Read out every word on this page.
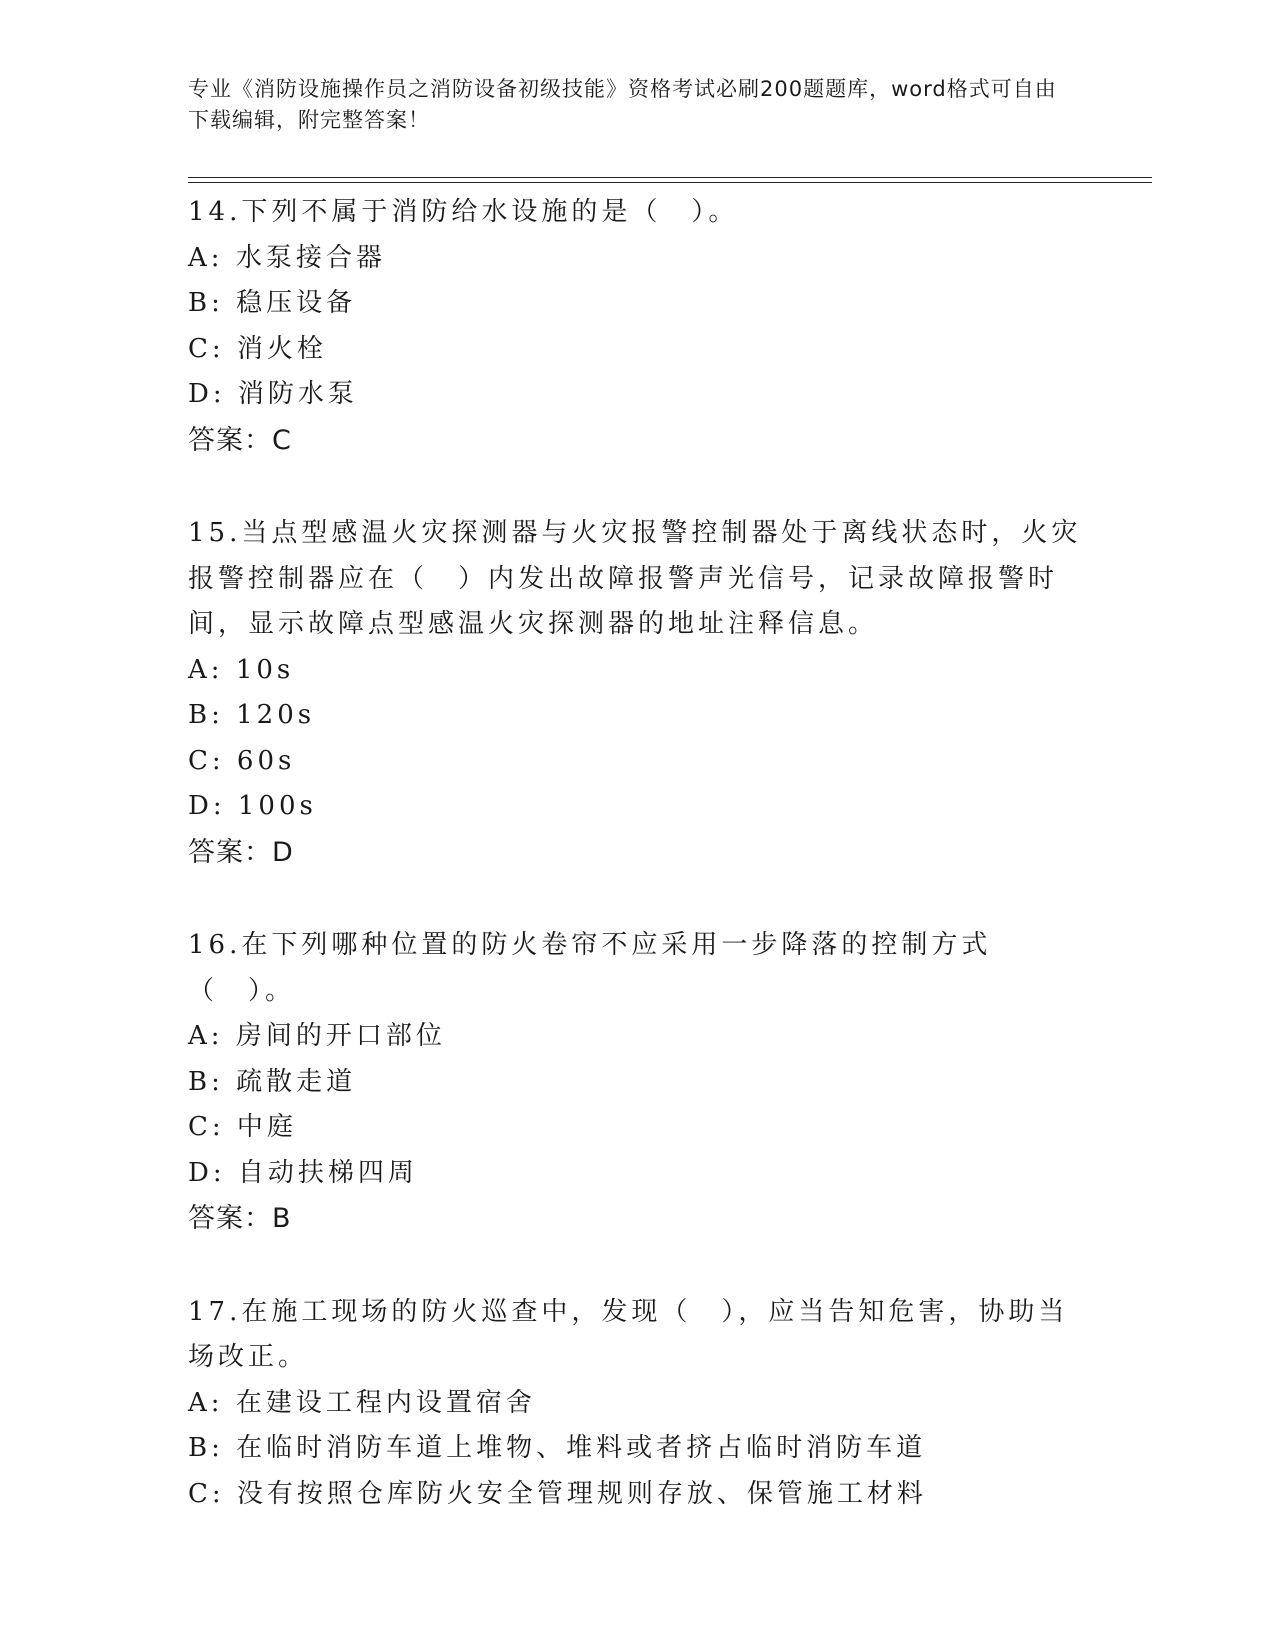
专业《消防设施操作员之消防设备初级技能》资格考试必刷200题题库，word格式可自由下载编辑，附完整答案！

14.下列不属于消防给水设施的是（　）。

A: 水泵接合器
B: 稳压设备
C: 消火栓
D: 消防水泵
答案：C

15.当点型感温火灾探测器与火灾报警控制器处于离线状态时，火灾报警控制器应在（　）内发出故障报警声光信号，记录故障报警时间，显示故障点型感温火灾探测器的地址注释信息。

A: 10s
B: 120s
C: 60s
D: 100s
答案：D

16.在下列哪种位置的防火卷帘不应采用一步降落的控制方式（　）。

A: 房间的开口部位
B: 疏散走道
C: 中庭
D: 自动扶梯四周
答案：B

17.在施工现场的防火巡查中，发现（　），应当告知危害，协助当场改正。

A: 在建设工程内设置宿舍
B: 在临时消防车道上堆物、堆料或者挤占临时消防车道
C: 没有按照仓库防火安全管理规则存放、保管施工材料
